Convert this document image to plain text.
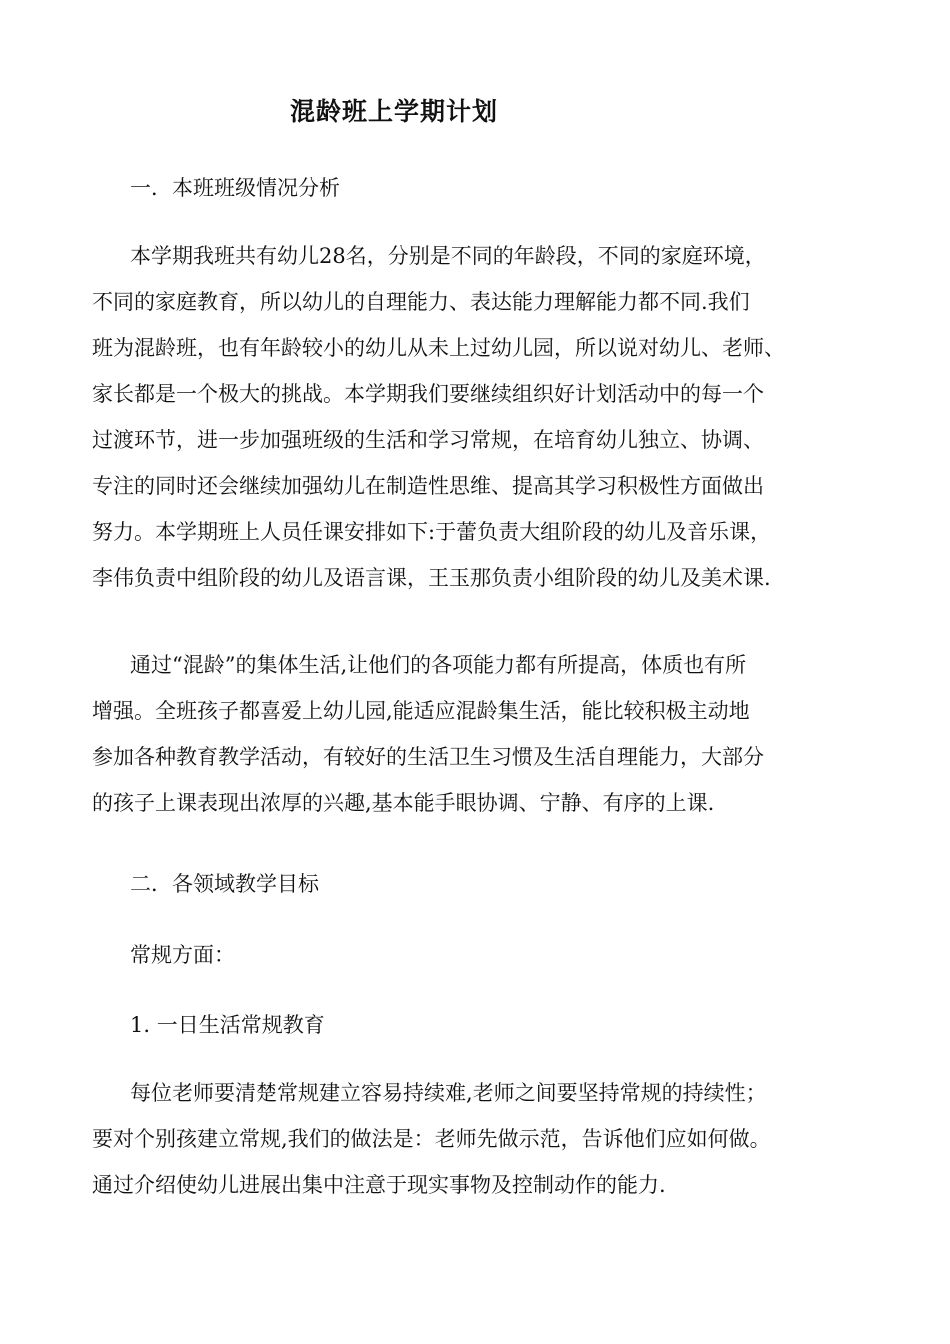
混龄班上学期计划
一．本班班级情况分析
本学期我班共有幼儿28名，分别是不同的年龄段，不同的家庭环境，
不同的家庭教育，所以幼儿的自理能力、表达能力理解能力都不同.我们
班为混龄班，也有年龄较小的幼儿从未上过幼儿园，所以说对幼儿、老师、
家长都是一个极大的挑战。本学期我们要继续组织好计划活动中的每一个
过渡环节，进一步加强班级的生活和学习常规，在培育幼儿独立、协调、
专注的同时还会继续加强幼儿在制造性思维、提高其学习积极性方面做出
努力。本学期班上人员任课安排如下:于蕾负责大组阶段的幼儿及音乐课，
李伟负责中组阶段的幼儿及语言课，王玉那负责小组阶段的幼儿及美术课.
通过“混龄”的集体生活,让他们的各项能力都有所提高，体质也有所
增强。全班孩子都喜爱上幼儿园,能适应混龄集生活，能比较积极主动地
参加各种教育教学活动，有较好的生活卫生习惯及生活自理能力，大部分
的孩子上课表现出浓厚的兴趣,基本能手眼协调、宁静、有序的上课.
二．各领域教学目标
常规方面：
1. 一日生活常规教育
每位老师要清楚常规建立容易持续难,老师之间要坚持常规的持续性；
要对个别孩建立常规,我们的做法是：老师先做示范，告诉他们应如何做。
通过介绍使幼儿进展出集中注意于现实事物及控制动作的能力.
